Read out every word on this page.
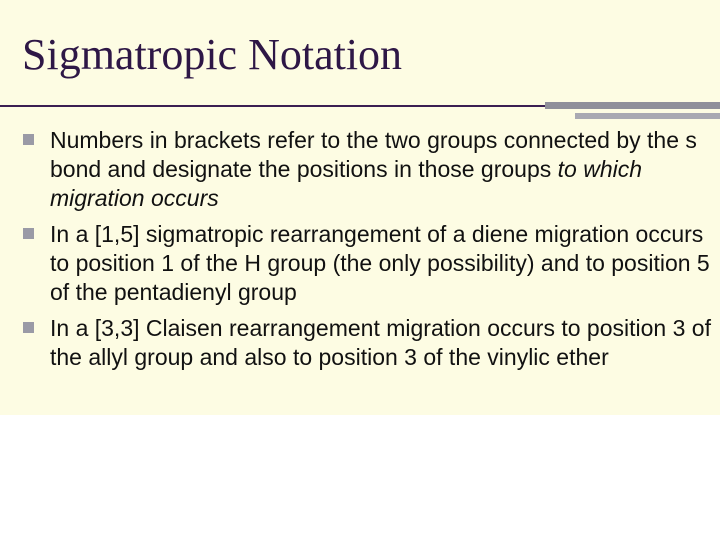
Sigmatropic Notation
Numbers in brackets refer to the two groups connected by the s bond and designate the positions in those groups to which migration occurs
In a [1,5] sigmatropic rearrangement of a diene migration occurs to position 1 of the H group (the only possibility) and to position 5 of the pentadienyl group
In a [3,3] Claisen rearrangement migration occurs to position 3 of the allyl group and also to position 3 of the vinylic ether
